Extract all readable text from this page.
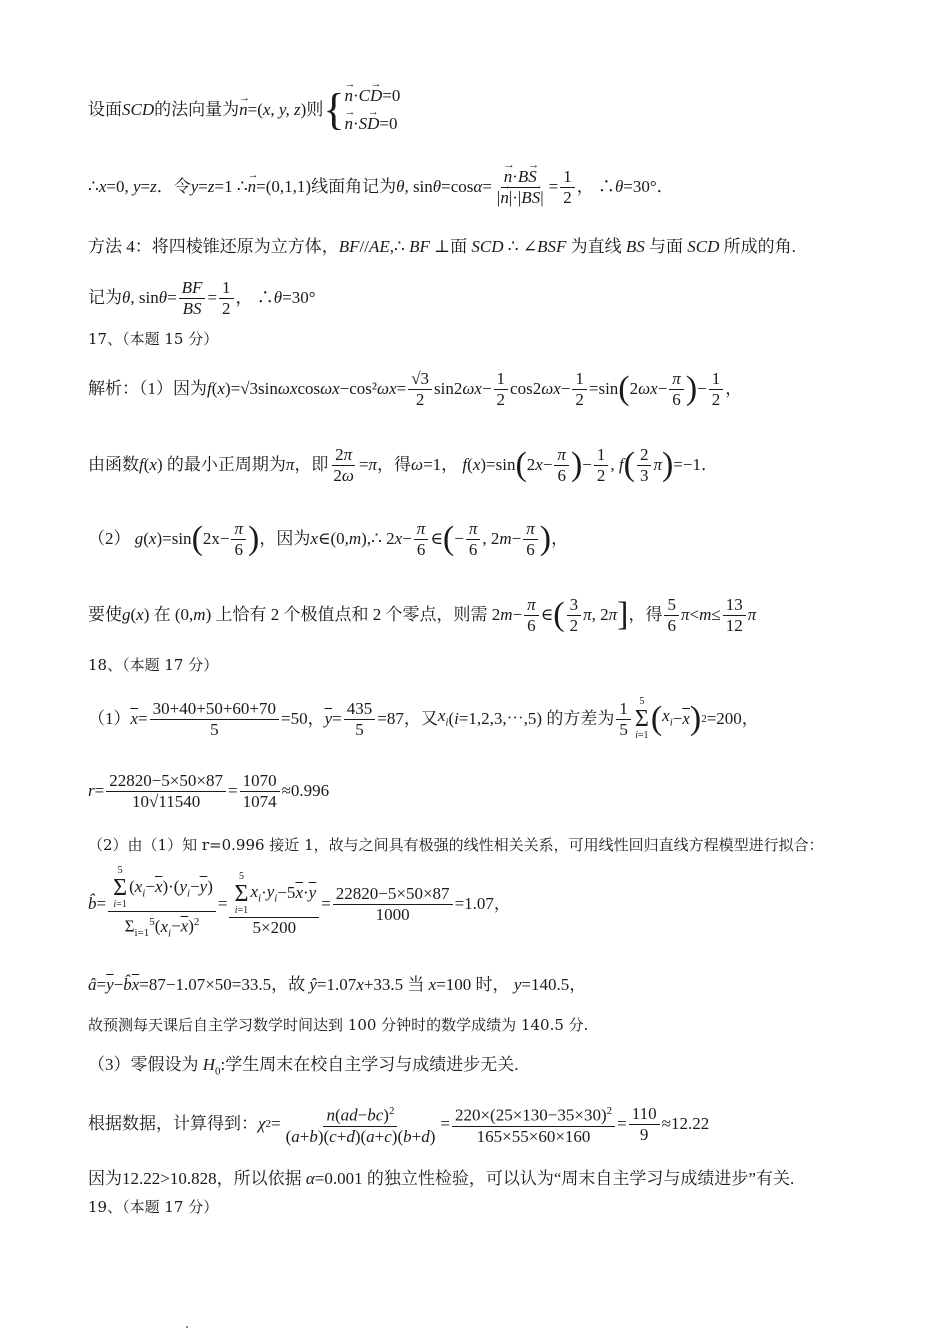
设面 SCD 的法向量为 → n =( x, y, z )则 { → n·C→ D=0
→ n·S→ D=0
∴ x =0, y = z ．令 y = z =1 ∴ → n =(0,1,1)线面角记为 θ , sin θ =cos α = → $\frac{n\cdot B\to S}{|\to n|\cdot|B\to S|} = \frac{1}{2}$ ， ∴ θ =30°．
方法 4：将四棱锥还原为立方体，BF//AE,∴ BF ⊥面 SCD ∴ ∠BSF 为直线 BS 与面 SCD 所成的角.
记为 θ , $\sin \theta = \frac{BF}{BS} = \frac{1}{2}$ ， ∴ θ =30°
17、（本题 15 分）
解析：（1）因为 f ( x )=√3sin ωx cos ωx −cos² $\omega x = \frac{√3}{2} \sin 2$ $\omega x - \frac{1}{2} \cos 2$ $\omega x - \frac{1}{2} =\sin$ ( 2 $\omega x - \frac{\pi}{6}$ ) − $\frac{1}{2}$ ，
由函数 f ( x ) 的最小正周期为 π ，即 $\frac{2\pi}{2\omega} = \pi$ ，得 ω =1， f ( x )=sin ( 2 $x - \frac{\pi}{6}$ ) − $\frac{1}{2}$ , f ( $\frac{2}{3}$ π ) =−1．
（2） g ( x )=sin ( $2x- \frac{\pi}{6}$ ) ，因为 x ∈(0, m ),∴ 2 $x - \frac{\pi}{6}$ ∈ ( − $\frac{\pi}{6}$ , 2 $m - \frac{\pi}{6}$ ) ，
要使 g ( x ) 在 (0, m ) 上恰有 2 个极值点和 2 个零点，则需 2 $m - \frac{\pi}{6}$ ∈ ( $\frac{3}{2}$ π , 2 π ] ，得 $\frac{5}{6}$ $\pi < m \le \frac{13}{12}$ π
18、（本题 17 分）
（1） $\overline{x} = \frac{30+40+50+60+70}{5} =50$， $\overline{y} = \frac{435}{5} =87$，又 $x_i$ ( i =1,2,3,⋯,5) 的方差为 $\frac{1}{5} 5$
Σ
i=1 ( $x_i - \overline{x}$ ) 2 =200，
$r = \frac{22820-5\times 50\times 87}{10√11540} = \frac{1070}{1074} \approx 0.996$
（2）由（1）知 r=0.996 接近 1，故与之间具有极强的线性相关关系，可用线性回归直线方程模型进行拟合：
b̂ = 5
Σ
i=1
$(x_i-\overline{x})\cdot(y_i-\overline{y})$
$\Sigma_{i=1}^5(x_i-\overline{x})^2 = 5$
Σ
i=1
$x_i\cdot y_i-5\overline{x}\cdot\overline{y}$
$5\times 200 = \frac{22820-5\times 50\times 87}{1000} =1.07$，
$â=\overline{y}-b̂\overline{x}=87-1.07\times 50=33.5$，故 ŷ=1.07x+33.5 当 x=100 时， y=140.5，
故预测每天课后自主学习数学时间达到 100 分钟时的数学成绩为 140.5 分.
（3）零假设为 $H_0$:学生周末在校自主学习与成绩进步无关.
根据数据，计算得到： χ $2 = \frac{n(ad-bc)^2}{(a+b)(c+d)(a+c)(b+d)} = \frac{220\times(25\times 130-35\times 30)^2}{165\times 55\times 60\times 160} = \frac{110}{9} \approx 12.22$
因为12.22>10.828，所以依据 α=0.001 的独立性检验，可以认为“周末自主学习与成绩进步”有关.
19、（本题 17 分）
